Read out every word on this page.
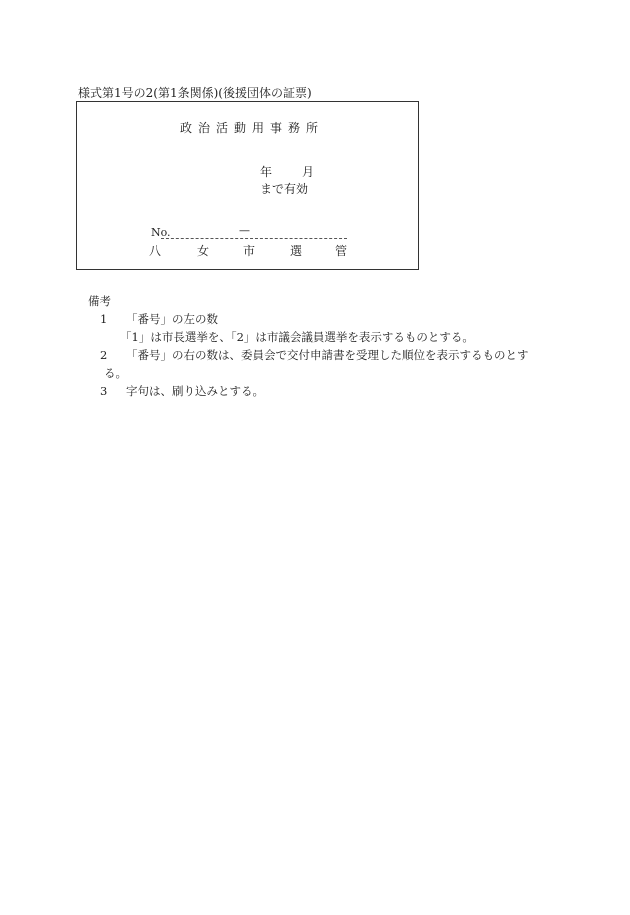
様式第1号の2(第1条関係)(後援団体の証票)
政治活動用事務所
年	月
まで有効
No.	—
八	女	市	選	管
備考
1 「番号」の左の数
「1」は市長選挙を、「2」は市議会議員選挙を表示するものとする。
2 「番号」の右の数は、委員会で交付申請書を受理した順位を表示するものとす
る。
3 字句は、刷り込みとする。
